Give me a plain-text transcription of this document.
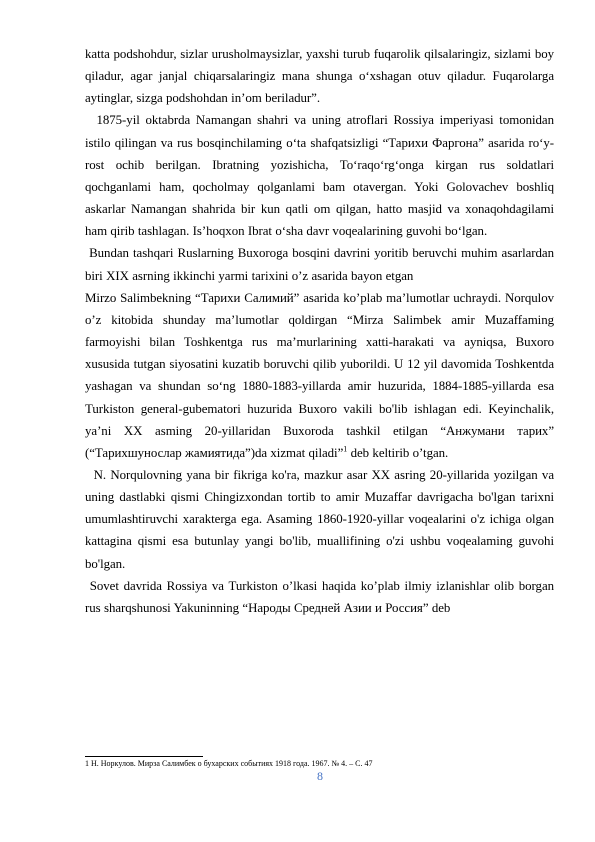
katta podshohdur, sizlar urusholmaysizlar, yaxshi turub fuqarolik qilsalaringiz, sizlami boy qiladur, agar janjal chiqarsalaringiz mana shunga o‘xshagan otuv qiladur. Fuqarolarga aytinglar, sizga podshohdan in’om beriladur”.

1875-yil oktabrda Namangan shahri va uning atroflari Rossiya imperiyasi tomonidan istilo qilingan va rus bosqinchilaming o‘ta shafqatsizligi “Тарихи Фаргона” asarida ro‘y-rost ochib berilgan. Ibratning yozishicha, To‘raqo‘rg‘onga kirgan rus soldatlari qochganlami ham, qocholmay qolganlami bam otavergan. Yoki Golovachev boshliq askarlar Namangan shahrida bir kun qatli om qilgan, hatto masjid va xonaqohdagilami ham qirib tashlagan. Is’hoqxon Ibrat o‘sha davr voqealarining guvohi bo‘lgan.

Bundan tashqari Ruslarning Buxoroga bosqini davrini yoritib beruvchi muhim asarlardan biri XIX asrning ikkinchi yarmi tarixini o’z asarida bayon etgan

Mirzo Salimbekning “Тарихи Салимий” asarida ko’plab ma’lumotlar uchraydi. Norqulov o’z kitobida shunday ma’lumotlar qoldirgan “Mirza Salimbek amir Muzaffaming farmoyishi bilan Toshkentga rus ma’murlarining xatti-harakati va ayniqsa, Buxoro xususida tutgan siyosatini kuzatib boruvchi qilib yuborildi. U 12 yil davomida Toshkentda yashagan va shundan so‘ng 1880-1883-yillarda amir huzurida, 1884-1885-yillarda esa Turkiston general-gubematori huzurida Buxoro vakili bo'lib ishlagan edi. Keyinchalik, ya’ni XX asming 20-yillaridan Buxoroda tashkil etilgan “Анжумани тарих” (“Тарихшунослар жамиятида”)da xizmat qiladi”$^1$ deb keltirib o’tgan.

N. Norqulovning yana bir fikriga ko'ra, mazkur asar XX asring 20-yillarida yozilgan va uning dastlabki qismi Chingizxondan tortib to amir Muzaffar davrigacha bo'lgan tarixni umumlashtiruvchi xarakterga ega. Asaming 1860-1920-yillar voqealarini o'z ichiga olgan kattagina qismi esa butunlay yangi bo'lib, muallifining o'zi ushbu voqealaming guvohi bo'lgan.

Sovet davrida Rossiya va Turkiston o’lkasi haqida ko’plab ilmiy izlanishlar olib borgan rus sharqshunosi Yakuninning “Народы Средней Азии и Россия” deb

1 Н. Норкулов. Мирза Салимбек о бухарских событиях 1918 года. 1967. № 4. – С. 47
8
